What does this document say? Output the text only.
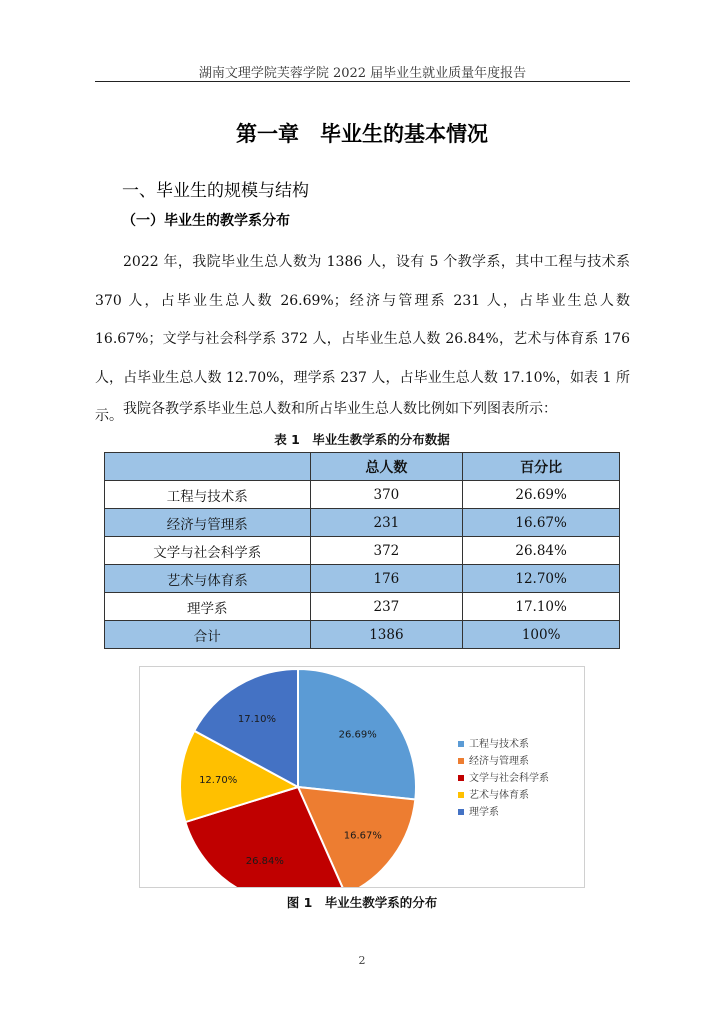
湖南文理学院芙蓉学院 2022 届毕业生就业质量年度报告
第一章　毕业生的基本情况
一、毕业生的规模与结构
（一）毕业生的教学系分布

2022 年，我院毕业生总人数为 1386 人，设有 5 个教学系，其中工程与技术系 370 人，占毕业生总人数 26.69%；经济与管理系 231 人，占毕业生总人数 16.67%；文学与社会科学系 372 人，占毕业生总人数 26.84%，艺术与体育系 176 人，占毕业生总人数 12.70%，理学系 237 人，占毕业生总人数 17.10%，如表 1 所示。 我院各教学系毕业生总人数和所占毕业生总人数比例如下列图表所示：

表 1　毕业生教学系的分布数据
	总人数	百分比
工程与技术系	370	26.69%
经济与管理系	231	16.67%
文学与社会科学系	372	26.84%
艺术与体育系	176	12.70%
理学系	237	17.10%
合计	1386	100%
26.69%
16.67%
26.84%
12.70%
17.10%
工程与技术系
经济与管理系
文学与社会科学系
艺术与体育系
理学系
图 1　毕业生教学系的分布
2
